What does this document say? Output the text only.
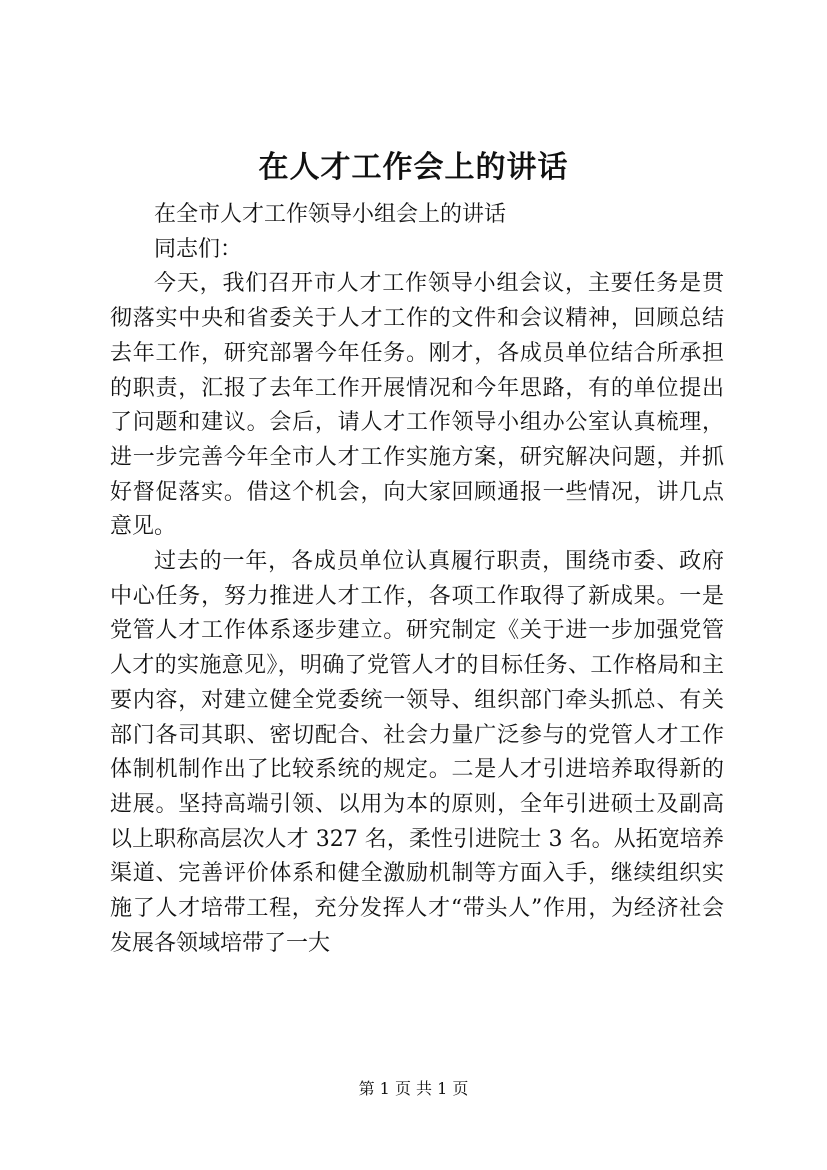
在人才工作会上的讲话

在全市人才工作领导小组会上的讲话

同志们：

今天，我们召开市人才工作领导小组会议，主要任务是贯彻落实中央和省委关于人才工作的文件和会议精神，回顾总结去年工作，研究部署今年任务。刚才，各成员单位结合所承担的职责，汇报了去年工作开展情况和今年思路，有的单位提出了问题和建议。会后，请人才工作领导小组办公室认真梳理，进一步完善今年全市人才工作实施方案，研究解决问题，并抓好督促落实。借这个机会，向大家回顾通报一些情况，讲几点意见。

过去的一年，各成员单位认真履行职责，围绕市委、政府中心任务，努力推进人才工作，各项工作取得了新成果。一是党管人才工作体系逐步建立。研究制定《关于进一步加强党管人才的实施意见》，明确了党管人才的目标任务、工作格局和主要内容，对建立健全党委统一领导、组织部门牵头抓总、有关部门各司其职、密切配合、社会力量广泛参与的党管人才工作体制机制作出了比较系统的规定。二是人才引进培养取得新的进展。坚持高端引领、以用为本的原则，全年引进硕士及副高以上职称高层次人才 327 名，柔性引进院士 3 名。从拓宽培养渠道、完善评价体系和健全激励机制等方面入手，继续组织实施了人才培带工程，充分发挥人才“带头人”作用，为经济社会发展各领域培带了一大

第 1 页 共 1 页
